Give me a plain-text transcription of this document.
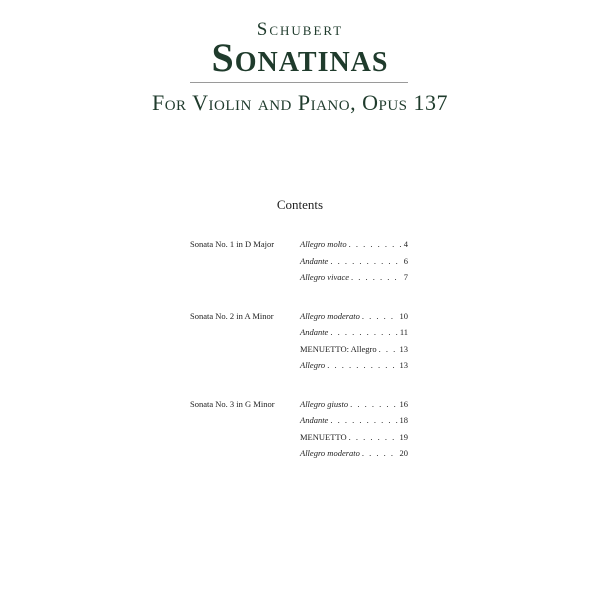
Schubert
Sonatinas
For Violin and Piano, Opus 137
Contents
Sonata No. 1 in D Major	Allegro molto . . .	4
Andante . . .	6
Allegro vivace . . .	7
Sonata No. 2 in A Minor	Allegro moderato . . .	10
Andante . . .	11
MENUETTO: Allegro . . .	13
Allegro . . .	13
Sonata No. 3 in G Minor	Allegro giusto . . .	16
Andante . . .	18
MENUETTO . . .	19
Allegro moderato . . .	20
